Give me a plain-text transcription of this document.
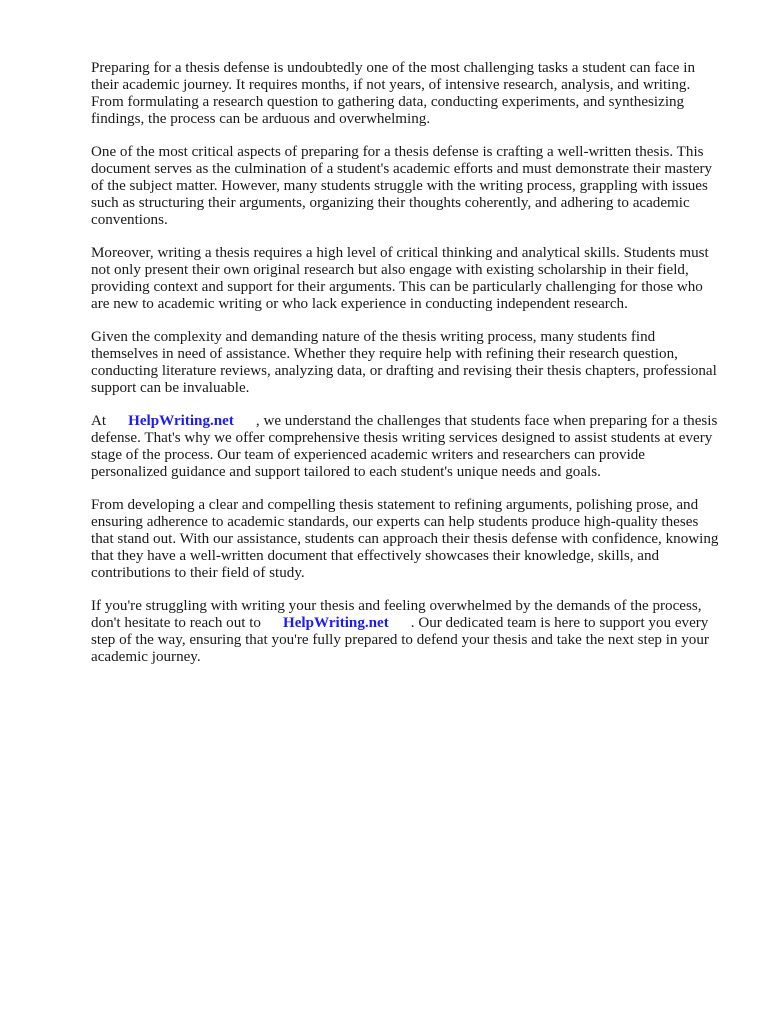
Preparing for a thesis defense is undoubtedly one of the most challenging tasks a student can face in their academic journey. It requires months, if not years, of intensive research, analysis, and writing. From formulating a research question to gathering data, conducting experiments, and synthesizing findings, the process can be arduous and overwhelming.

One of the most critical aspects of preparing for a thesis defense is crafting a well-written thesis. This document serves as the culmination of a student's academic efforts and must demonstrate their mastery of the subject matter. However, many students struggle with the writing process, grappling with issues such as structuring their arguments, organizing their thoughts coherently, and adhering to academic conventions.

Moreover, writing a thesis requires a high level of critical thinking and analytical skills. Students must not only present their own original research but also engage with existing scholarship in their field, providing context and support for their arguments. This can be particularly challenging for those who are new to academic writing or who lack experience in conducting independent research.

Given the complexity and demanding nature of the thesis writing process, many students find themselves in need of assistance. Whether they require help with refining their research question, conducting literature reviews, analyzing data, or drafting and revising their thesis chapters, professional support can be invaluable.

At HelpWriting.net , we understand the challenges that students face when preparing for a thesis defense. That's why we offer comprehensive thesis writing services designed to assist students at every stage of the process. Our team of experienced academic writers and researchers can provide personalized guidance and support tailored to each student's unique needs and goals.

From developing a clear and compelling thesis statement to refining arguments, polishing prose, and ensuring adherence to academic standards, our experts can help students produce high-quality theses that stand out. With our assistance, students can approach their thesis defense with confidence, knowing that they have a well-written document that effectively showcases their knowledge, skills, and contributions to their field of study.

If you're struggling with writing your thesis and feeling overwhelmed by the demands of the process, don't hesitate to reach out to HelpWriting.net . Our dedicated team is here to support you every step of the way, ensuring that you're fully prepared to defend your thesis and take the next step in your academic journey.
